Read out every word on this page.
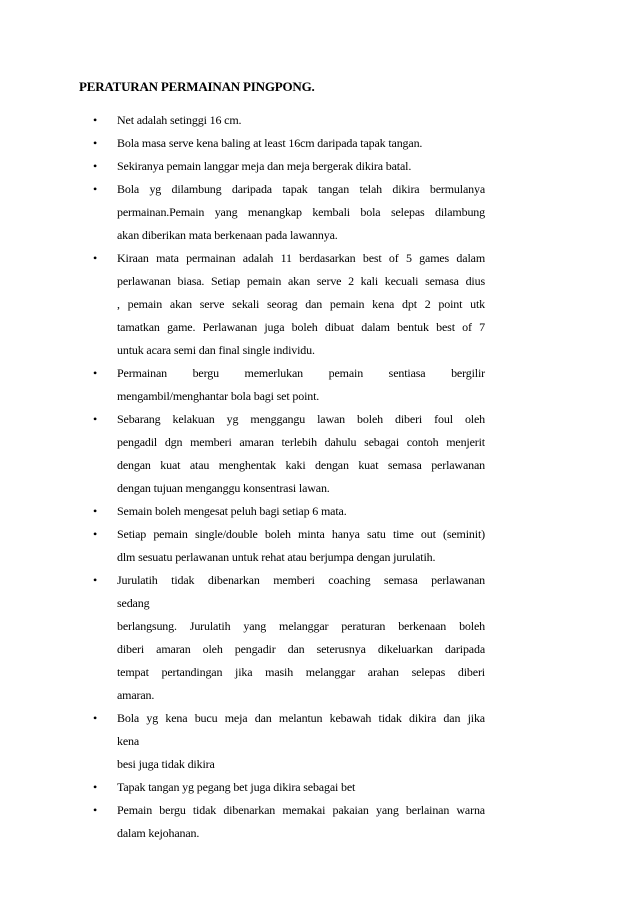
PERATURAN PERMAINAN PINGPONG.
• Net adalah setinggi 16 cm.
• Bola masa serve kena baling at least 16cm daripada tapak tangan.
• Sekiranya pemain langgar meja dan meja bergerak dikira batal.
• Bola yg dilambung daripada tapak tangan telah dikira bermulanya
permainan.Pemain yang menangkap kembali bola selepas dilambung
akan diberikan mata berkenaan pada lawannya.
• Kiraan mata permainan adalah 11 berdasarkan best of 5 games dalam
perlawanan biasa. Setiap pemain akan serve 2 kali kecuali semasa dius
, pemain akan serve sekali seorag dan pemain kena dpt 2 point utk
tamatkan game. Perlawanan juga boleh dibuat dalam bentuk best of 7
untuk acara semi dan final single individu.
• Permainan bergu memerlukan pemain sentiasa bergilir
mengambil/menghantar bola bagi set point.
• Sebarang kelakuan yg menggangu lawan boleh diberi foul oleh
pengadil dgn memberi amaran terlebih dahulu sebagai contoh menjerit
dengan kuat atau menghentak kaki dengan kuat semasa perlawanan
dengan tujuan menganggu konsentrasi lawan.
• Semain boleh mengesat peluh bagi setiap 6 mata.
• Setiap pemain single/double boleh minta hanya satu time out (seminit)
dlm sesuatu perlawanan untuk rehat atau berjumpa dengan jurulatih.
• Jurulatih tidak dibenarkan memberi coaching semasa perlawanan
sedang
berlangsung. Jurulatih yang melanggar peraturan berkenaan boleh
diberi amaran oleh pengadir dan seterusnya dikeluarkan daripada
tempat pertandingan jika masih melanggar arahan selepas diberi
amaran.
• Bola yg kena bucu meja dan melantun kebawah tidak dikira dan jika
kena
besi juga tidak dikira
• Tapak tangan yg pegang bet juga dikira sebagai bet
• Pemain bergu tidak dibenarkan memakai pakaian yang berlainan warna
dalam kejohanan.
